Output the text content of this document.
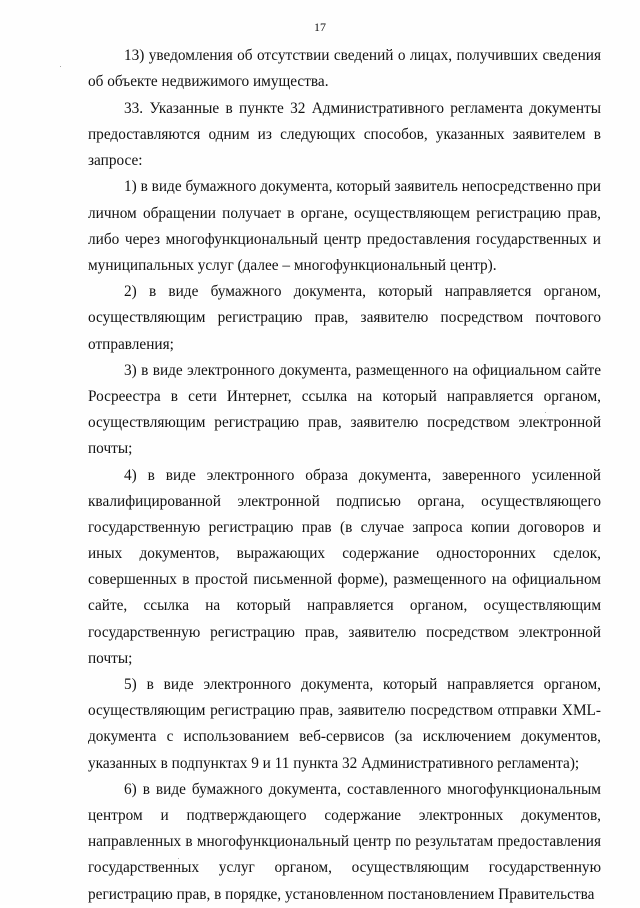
17

13) уведомления об отсутствии сведений о лицах, получивших сведения об объекте недвижимого имущества.

33. Указанные в пункте 32 Административного регламента документы предоставляются одним из следующих способов, указанных заявителем в запросе:

1) в виде бумажного документа, который заявитель непосредственно при личном обращении получает в органе, осуществляющем регистрацию прав, либо через многофункциональный центр предоставления государственных и муниципальных услуг (далее – многофункциональный центр).

2) в виде бумажного документа, который направляется органом, осуществляющим регистрацию прав, заявителю посредством почтового отправления;

3) в виде электронного документа, размещенного на официальном сайте Росреестра в сети Интернет, ссылка на который направляется органом, осуществляющим регистрацию прав, заявителю посредством электронной почты;

4) в виде электронного образа документа, заверенного усиленной квалифицированной электронной подписью органа, осуществляющего государственную регистрацию прав (в случае запроса копии договоров и иных документов, выражающих содержание односторонних сделок, совершенных в простой письменной форме), размещенного на официальном сайте, ссылка на который направляется органом, осуществляющим государственную регистрацию прав, заявителю посредством электронной почты;

5) в виде электронного документа, который направляется органом, осуществляющим регистрацию прав, заявителю посредством отправки XML-документа с использованием веб-сервисов (за исключением документов, указанных в подпунктах 9 и 11 пункта 32 Административного регламента);

6) в виде бумажного документа, составленного многофункциональным центром и подтверждающего содержание электронных документов, направленных в многофункциональный центр по результатам предоставления государственных услуг органом, осуществляющим государственную регистрацию прав, в порядке, установленном постановлением Правительства
